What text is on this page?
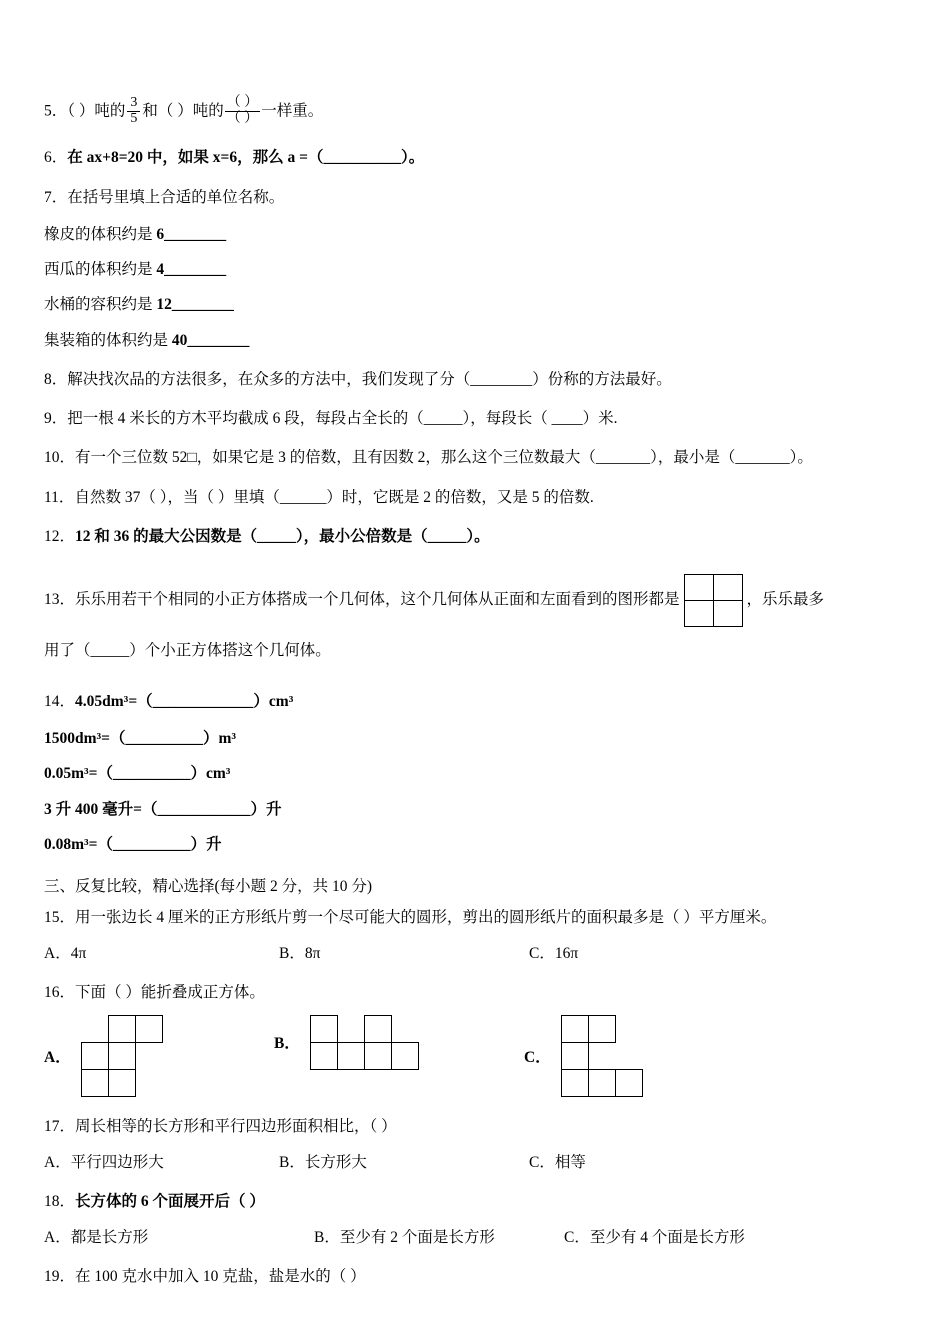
5．（ ）吨的 $\frac{3}{5}$ 和（ ）吨的 $\frac{( )}{( )}$ 一样重。
6．在 ax+8=20 中，如果 x=6，那么 a =（__________）。
7．在括号里填上合适的单位名称。
橡皮的体积约是 6________
西瓜的体积约是 4________
水桶的容积约是 12________
集装箱的体积约是 40________
8．解决找次品的方法很多，在众多的方法中，我们发现了分（________）份称的方法最好。
9．把一根 4 米长的方木平均截成 6 段，每段占全长的（_____），每段长（ ____）米.
10．有一个三位数 52□，如果它是 3 的倍数，且有因数 2，那么这个三位数最大（_______），最小是（_______）。
11．自然数 37（ ），当（ ）里填（______）时，它既是 2 的倍数，又是 5 的倍数.
12．12 和 36 的最大公因数是（_____），最小公倍数是（_____）。
13．乐乐用若干个相同的小正方体搭成一个几何体，这个几何体从正面和左面看到的图形都是

		，乐乐最多
用了（_____）个小正方体搭这个几何体。
14．4.05dm³=（_____________）cm³
1500dm³=（__________）m³
0.05m³=（__________）cm³
3 升 400 毫升=（____________）升
0.08m³=（__________）升
三、反复比较，精心选择(每小题 2 分，共 10 分)
15．用一张边长 4 厘米的正方形纸片剪一个尽可能大的圆形，剪出的圆形纸片的面积最多是（ ）平方厘米。
A．4π	B．8π	C．16π
16．下面（ ）能折叠成正方体。
A．

B．

C．

17．周长相等的长方形和平行四边形面积相比，（ ）
A．平行四边形大	B．长方形大	C．相等
18．长方体的 6 个面展开后（ ）
A．都是长方形	B．至少有 2 个面是长方形	C．至少有 4 个面是长方形
19．在 100 克水中加入 10 克盐，盐是水的（ ）
